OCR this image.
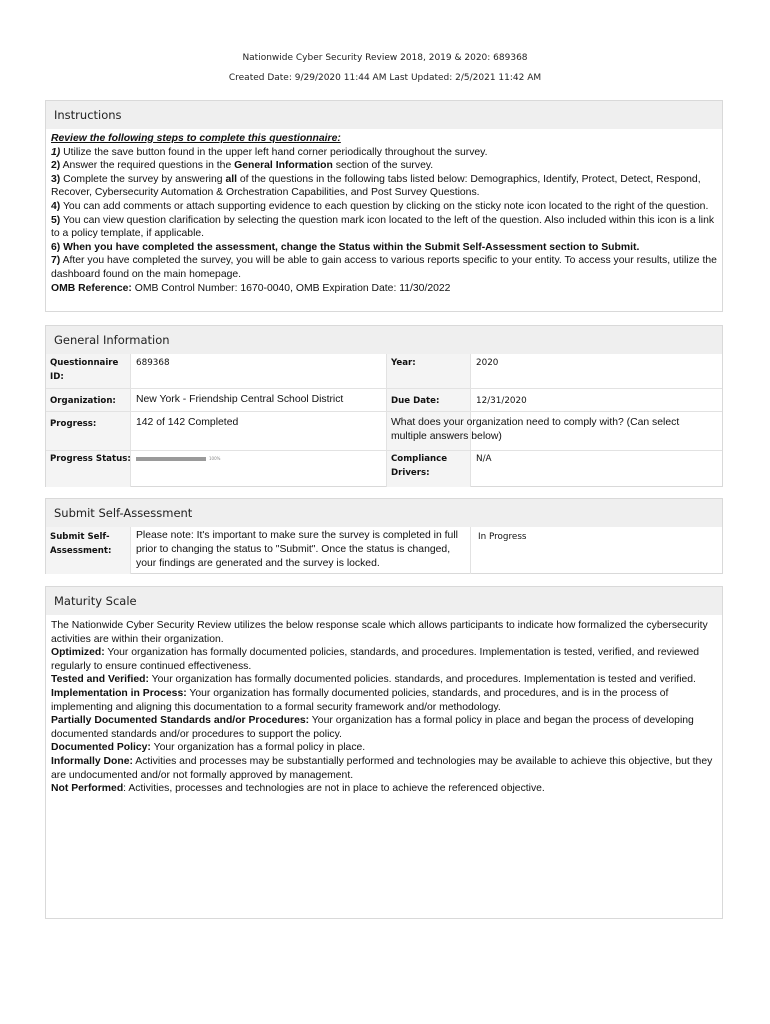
Nationwide Cyber Security Review 2018, 2019 & 2020: 689368
Created Date: 9/29/2020 11:44 AM Last Updated: 2/5/2021 11:42 AM
Instructions

Review the following steps to complete this questionnaire:

1) Utilize the save button found in the upper left hand corner periodically throughout the survey.

2) Answer the required questions in the General Information section of the survey.

3) Complete the survey by answering all of the questions in the following tabs listed below: Demographics, Identify, Protect, Detect, Respond, Recover, Cybersecurity Automation & Orchestration Capabilities, and Post Survey Questions.

4) You can add comments or attach supporting evidence to each question by clicking on the sticky note icon located to the right of the question.

5) You can view question clarification by selecting the question mark icon located to the left of the question. Also included within this icon is a link to a policy template, if applicable.

6) When you have completed the assessment, change the Status within the Submit Self-Assessment section to Submit.

7) After you have completed the survey, you will be able to gain access to various reports specific to your entity. To access your results, utilize the dashboard found on the main homepage.

OMB Reference: OMB Control Number: 1670-0040, OMB Expiration Date: 11/30/2022

General Information
Questionnaire ID:
689368	Year:	2020
Organization: New York - Friendship Central School District	Due Date:	12/31/2020
Progress:	142 of 142 Completed	What does your organization need to comply with? (Can select multiple answers below)
Progress Status:	100%	Compliance Drivers:
N/A
Submit Self-Assessment
Submit Self-Assessment:
Please note: It's important to make sure the survey is completed in full prior to changing the status to "Submit". Once the status is changed, your findings are generated and the survey is locked.
In Progress
Maturity Scale

The Nationwide Cyber Security Review utilizes the below response scale which allows participants to indicate how formalized the cybersecurity activities are within their organization.

Optimized: Your organization has formally documented policies, standards, and procedures. Implementation is tested, verified, and reviewed regularly to ensure continued effectiveness.

Tested and Verified: Your organization has formally documented policies. standards, and procedures. Implementation is tested and verified.

Implementation in Process: Your organization has formally documented policies, standards, and procedures, and is in the process of implementing and aligning this documentation to a formal security framework and/or methodology.

Partially Documented Standards and/or Procedures: Your organization has a formal policy in place and began the process of developing documented standards and/or procedures to support the policy.

Documented Policy: Your organization has a formal policy in place.

Informally Done: Activities and processes may be substantially performed and technologies may be available to achieve this objective, but they are undocumented and/or not formally approved by management.

Not Performed: Activities, processes and technologies are not in place to achieve the referenced objective.
